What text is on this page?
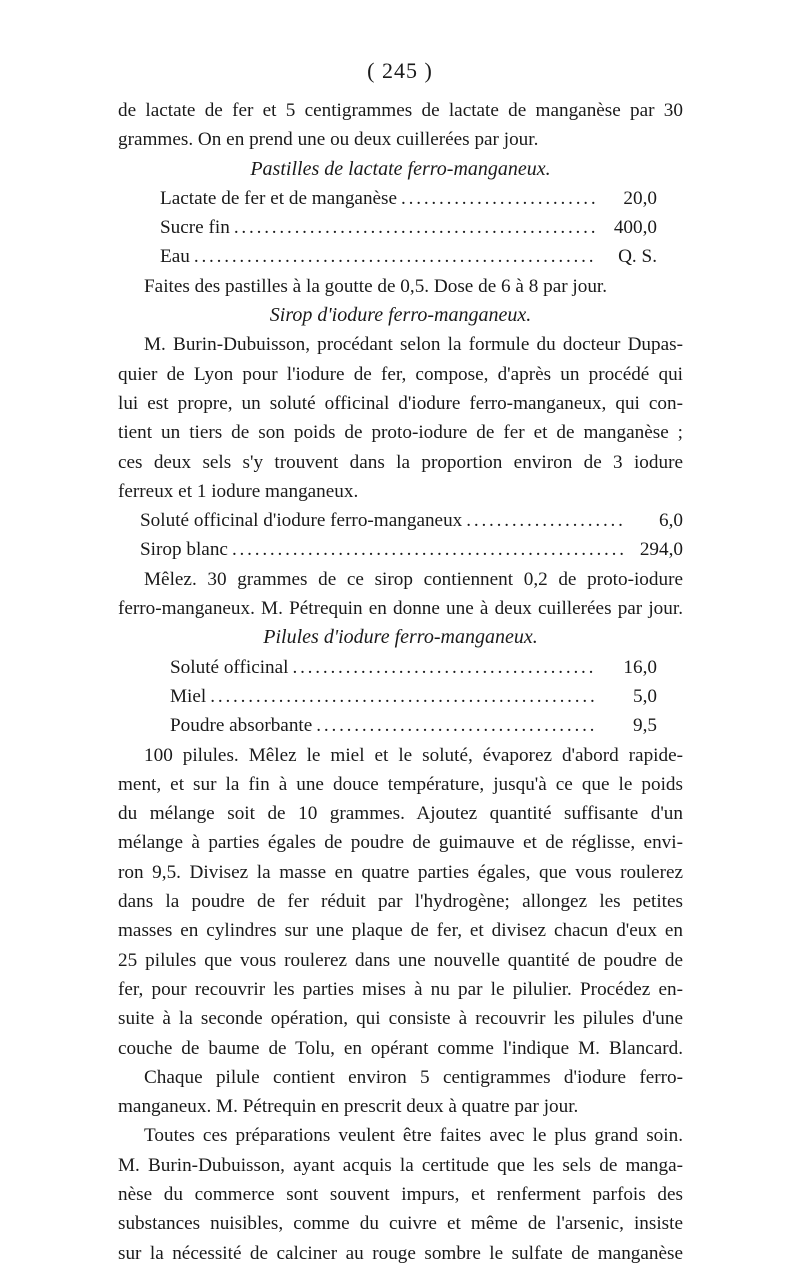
( 245 )
de lactate de fer et 5 centigrammes de lactate de manganèse par 30
grammes. On en prend une ou deux cuillerées par jour.
Pastilles de lactate ferro-manganeux.
Lactate de fer et de manganèse . . .	20,0
Sucre fin . . .	400,0
Eau . . .	Q. S.
Faites des pastilles à la goutte de 0,5. Dose de 6 à 8 par jour.
Sirop d'iodure ferro-manganeux.
M. Burin-Dubuisson, procédant selon la formule du docteur Dupas-
quier de Lyon pour l'iodure de fer, compose, d'après un procédé qui
lui est propre, un soluté officinal d'iodure ferro-manganeux, qui con-
tient un tiers de son poids de proto-iodure de fer et de manganèse ;
ces deux sels s'y trouvent dans la proportion environ de 3 iodure
ferreux et 1 iodure manganeux.
Soluté officinal d'iodure ferro-manganeux . . .	6,0
Sirop blanc . . .	294,0
Mêlez. 30 grammes de ce sirop contiennent 0,2 de proto-iodure
ferro-manganeux. M. Pétrequin en donne une à deux cuillerées par jour.
Pilules d'iodure ferro-manganeux.
Soluté officinal . . .	16,0
Miel . . .	5,0
Poudre absorbante . . .	9,5
100 pilules. Mêlez le miel et le soluté, évaporez d'abord rapide-
ment, et sur la fin à une douce température, jusqu'à ce que le poids
du mélange soit de 10 grammes. Ajoutez quantité suffisante d'un
mélange à parties égales de poudre de guimauve et de réglisse, envi-
ron 9,5. Divisez la masse en quatre parties égales, que vous roulerez
dans la poudre de fer réduit par l'hydrogène; allongez les petites
masses en cylindres sur une plaque de fer, et divisez chacun d'eux en
25 pilules que vous roulerez dans une nouvelle quantité de poudre de
fer, pour recouvrir les parties mises à nu par le pilulier. Procédez en-
suite à la seconde opération, qui consiste à recouvrir les pilules d'une
couche de baume de Tolu, en opérant comme l'indique M. Blancard.
Chaque pilule contient environ 5 centigrammes d'iodure ferro-
manganeux. M. Pétrequin en prescrit deux à quatre par jour.
Toutes ces préparations veulent être faites avec le plus grand soin.
M. Burin-Dubuisson, ayant acquis la certitude que les sels de manga-
nèse du commerce sont souvent impurs, et renferment parfois des
substances nuisibles, comme du cuivre et même de l'arsenic, insiste
sur la nécessité de calciner au rouge sombre le sulfate de manganèse
